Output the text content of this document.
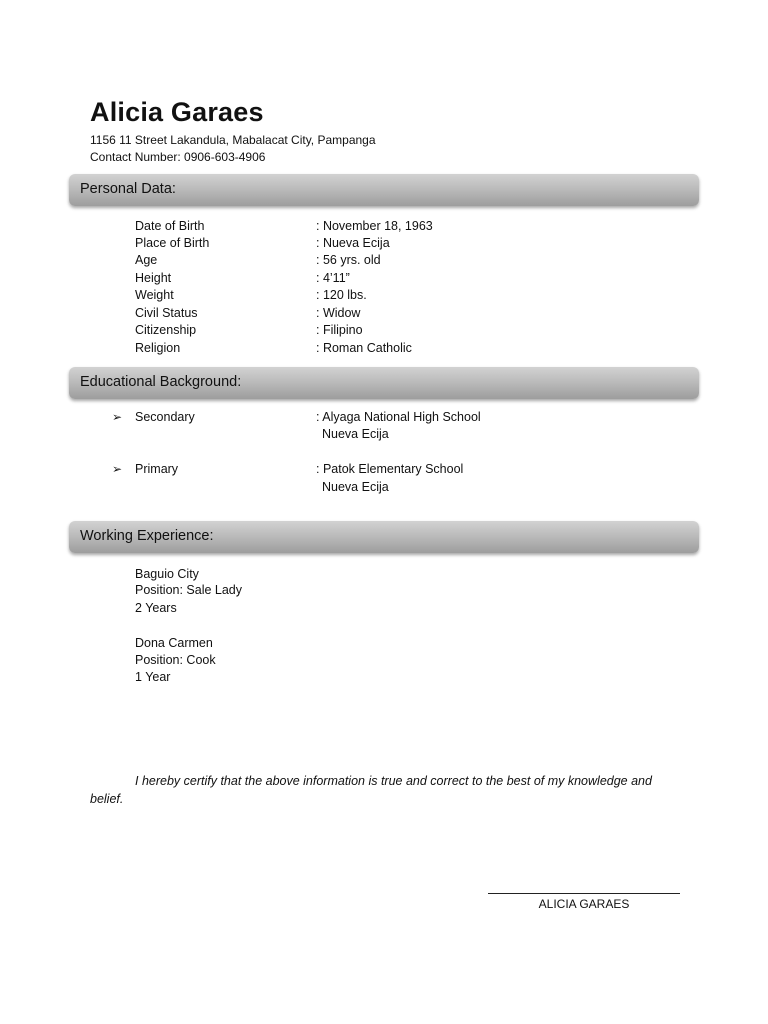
Alicia Garaes
1156 11 Street Lakandula, Mabalacat City, Pampanga
Contact Number: 0906-603-4906
Personal Data:
Date of Birth	: November 18, 1963
Place of Birth	: Nueva Ecija
Age	: 56 yrs. old
Height	: 4’11”
Weight	: 120 lbs.
Civil Status	: Widow
Citizenship	: Filipino
Religion	: Roman Catholic
Educational Background:
➢ Secondary	: Alyaga National High School
Nueva Ecija
➢ Primary	: Patok Elementary School
Nueva Ecija
Working Experience:
Baguio City
Position: Sale Lady
2 Years
Dona Carmen
Position: Cook
1 Year
I hereby certify that the above information is true and correct to the best of my knowledge and
belief.
ALICIA GARAES
